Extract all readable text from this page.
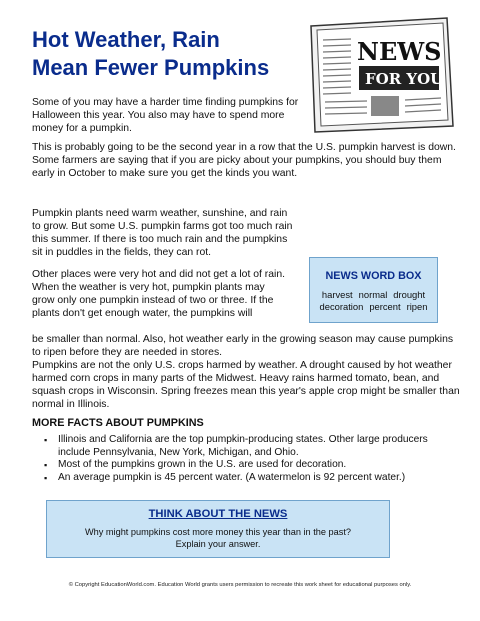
Hot Weather, Rain
Mean Fewer Pumpkins
NEWS
FOR YOU
Some of you may have a harder time finding pumpkins for Halloween this year. You also may have to spend more money for a pumpkin.
This is probably going to be the second year in a row that the U.S. pumpkin harvest is down. Some farmers are saying that if you are picky about your pumpkins, you should buy them early in October to make sure you get the kinds you want.
Pumpkin plants need warm weather, sunshine, and rain to grow. But some U.S. pumpkin farms got too much rain this summer. If there is too much rain and the pumpkins sit in puddles in the fields, they can rot.
Other places were very hot and did not get a lot of rain. When the weather is very hot, pumpkin plants may grow only one pumpkin instead of two or three. If the plants don't get enough water, the pumpkins will
be smaller than normal. Also, hot weather early in the growing season may cause pumpkins to ripen before they are needed in stores.
Pumpkins are not the only U.S. crops harmed by weather. A drought caused by hot weather harmed corn crops in many parts of the Midwest. Heavy rains harmed tomato, bean, and squash crops in Wisconsin. Spring freezes mean this year's apple crop might be smaller than normal in Illinois.
NEWS WORD BOX
harvest normal drought
decoration percent ripen
MORE FACTS ABOUT PUMPKINS
▪ Illinois and California are the top pumpkin-producing states. Other large producers include Pennsylvania, New York, Michigan, and Ohio.
▪ Most of the pumpkins grown in the U.S. are used for decoration.
▪ An average pumpkin is 45 percent water. (A watermelon is 92 percent water.)
THINK ABOUT THE NEWS
Why might pumpkins cost more money this year than in the past?
Explain your answer.
© Copyright EducationWorld.com. Education World grants users permission to recreate this work sheet for educational purposes only.
